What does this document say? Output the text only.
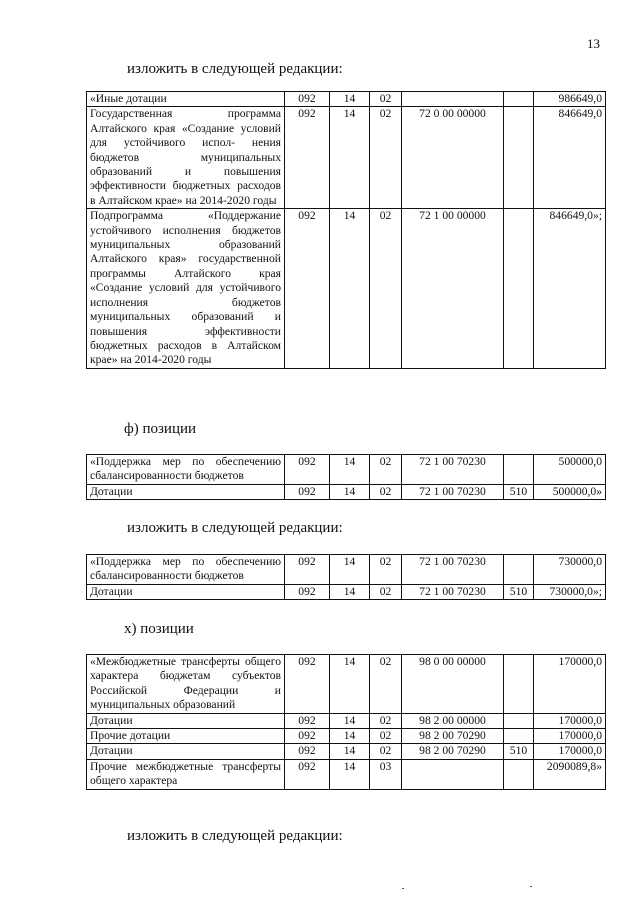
13
изложить в следующей редакции:
«Иные дотации	092	14	02			986649,0
Государственная программа Алтайского края «Создание условий для устойчивого испол- нения бюджетов муниципальных образований и повышения эффективности бюджетных расходов в Алтайском крае» на 2014-2020 годы	092	14	02	72 0 00 00000		846649,0
Подпрограмма «Поддержание устойчивого исполнения бюджетов муниципальных образований Алтайского края» государственной программы Алтайского края «Создание условий для устойчивого исполнения бюджетов муниципальных образований и повышения эффективности бюджетных расходов в Алтайском крае» на 2014-2020 годы	092	14	02	72 1 00 00000		846649,0»;
ф) позиции
«Поддержка мер по обеспечению сбалансированности бюджетов	092	14	02	72 1 00 70230		500000,0
Дотации	092	14	02	72 1 00 70230	510	500000,0»
изложить в следующей редакции:
«Поддержка мер по обеспечению сбалансированности бюджетов	092	14	02	72 1 00 70230		730000,0
Дотации	092	14	02	72 1 00 70230	510	730000,0»;
х) позиции
«Межбюджетные трансферты общего характера бюджетам субъектов Российской Федерации и муниципальных образований	092	14	02	98 0 00 00000		170000,0
Дотации	092	14	02	98 2 00 00000		170000,0
Прочие дотации	092	14	02	98 2 00 70290		170000,0
Дотации	092	14	02	98 2 00 70290	510	170000,0
Прочие межбюджетные трансферты общего характера	092	14	03			2090089,8»
изложить в следующей редакции:
